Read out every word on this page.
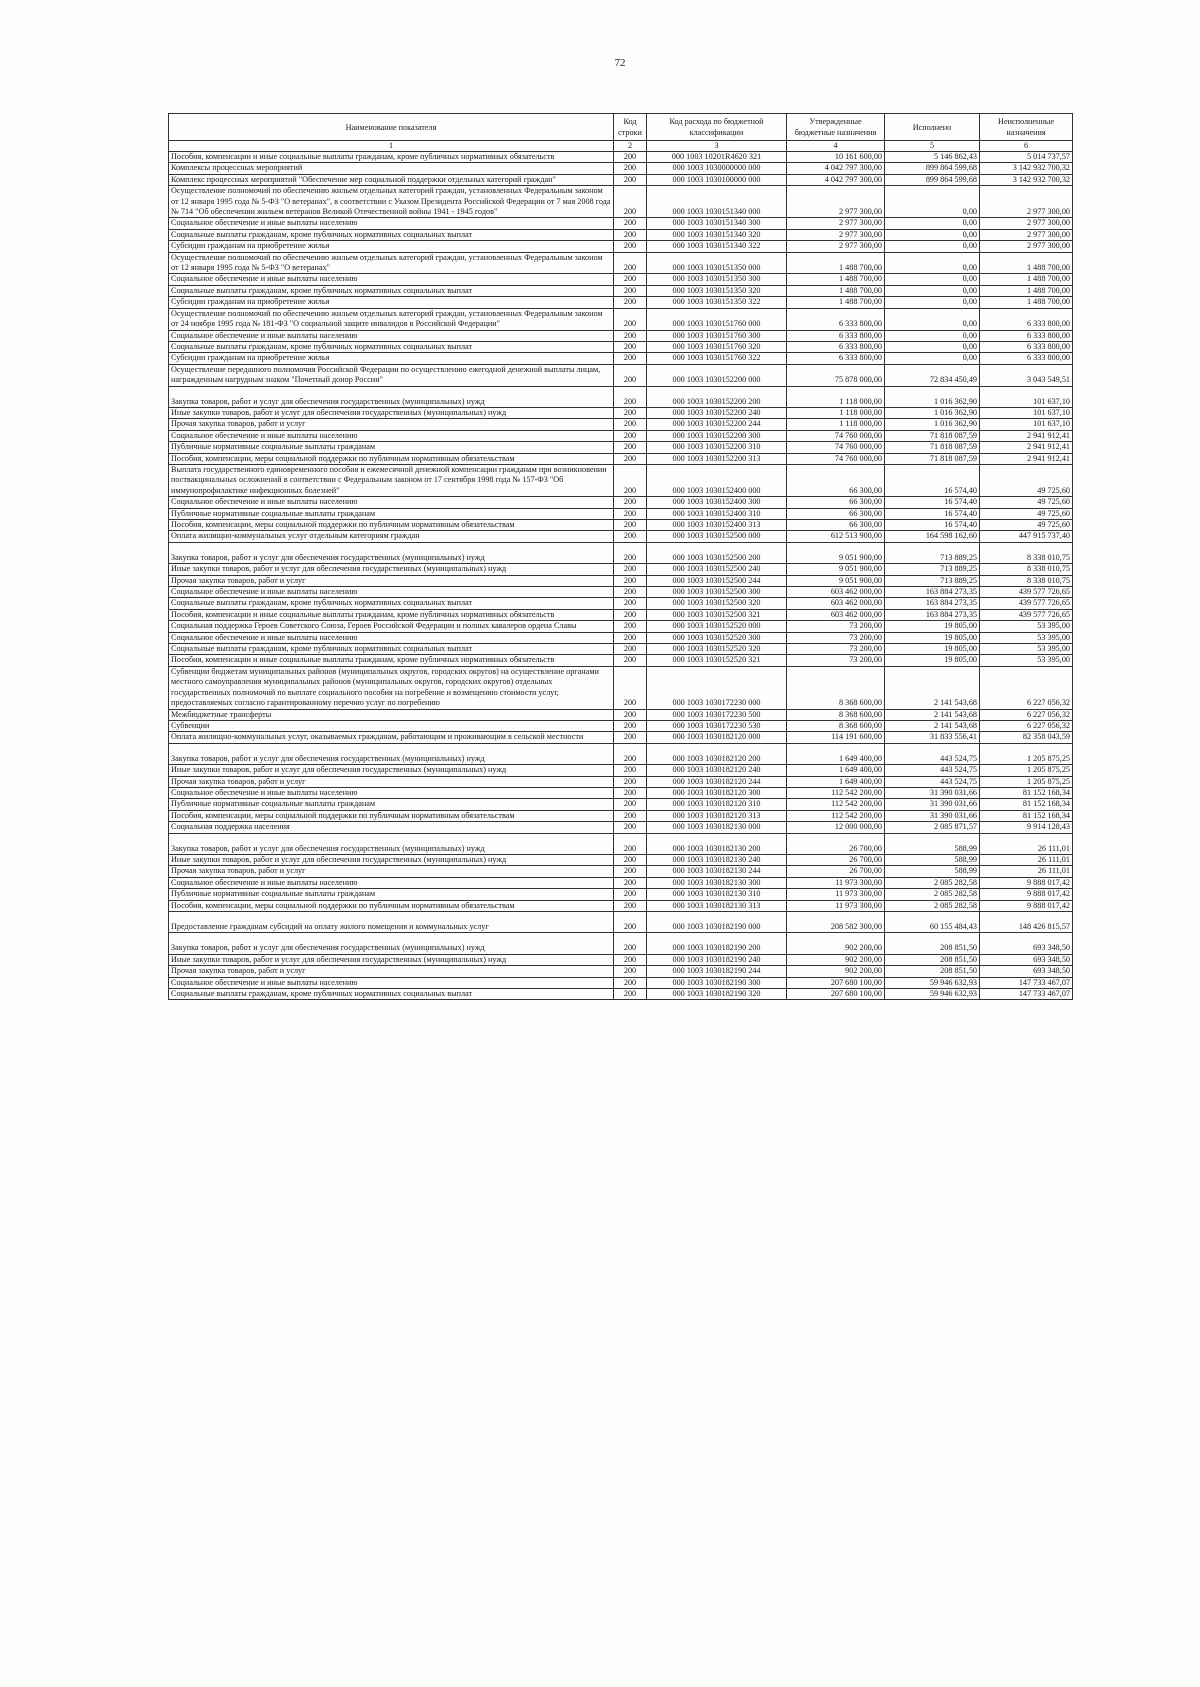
72
Наименование показателя	Код строки	Код расхода по бюджетной классификации	Утвержденные бюджетные назначения	Исполнено	Неисполненные назначения
1	2	3	4	5	6
Пособия, компенсации и иные социальные выплаты гражданам, кроме публичных нормативных обязательств	200	000 1003 10201R4620 321	10 161 600,00	5 146 862,43	5 014 737,57
Комплексы процессных мероприятий	200	000 1003 1030000000 000	4 042 797 300,00	899 864 599,68	3 142 932 700,32
Комплекс процессных мероприятий "Обеспечение мер социальной поддержки отдельных категорий граждан"	200	000 1003 1030100000 000	4 042 797 300,00	899 864 599,68	3 142 932 700,32
Осуществление полномочий по обеспечению жильем отдельных категорий граждан, установленных Федеральным законом от 12 января 1995 года № 5-ФЗ "О ветеранах", в соответствии с Указом Президента Российской Федерации от 7 мая 2008 года № 714 "Об обеспечении жильем ветеранов Великой Отечественной войны 1941 - 1945 годов"	200	000 1003 1030151340 000	2 977 300,00	0,00	2 977 300,00
Социальное обеспечение и иные выплаты населению	200	000 1003 1030151340 300	2 977 300,00	0,00	2 977 300,00
Социальные выплаты гражданам, кроме публичных нормативных социальных выплат	200	000 1003 1030151340 320	2 977 300,00	0,00	2 977 300,00
Субсидии гражданам на приобретение жилья	200	000 1003 1030151340 322	2 977 300,00	0,00	2 977 300,00
Осуществление полномочий по обеспечению жильем отдельных категорий граждан, установленных Федеральным законом от 12 января 1995 года № 5-ФЗ "О ветеранах"	200	000 1003 1030151350 000	1 488 700,00	0,00	1 488 700,00
Социальное обеспечение и иные выплаты населению	200	000 1003 1030151350 300	1 488 700,00	0,00	1 488 700,00
Социальные выплаты гражданам, кроме публичных нормативных социальных выплат	200	000 1003 1030151350 320	1 488 700,00	0,00	1 488 700,00
Субсидии гражданам на приобретение жилья	200	000 1003 1030151350 322	1 488 700,00	0,00	1 488 700,00
Осуществление полномочий по обеспечению жильем отдельных категорий граждан, установленных Федеральным законом от 24 ноября 1995 года № 181-ФЗ "О социальной защите инвалидов в Российской Федерации"	200	000 1003 1030151760 000	6 333 800,00	0,00	6 333 800,00
Социальное обеспечение и иные выплаты населению	200	000 1003 1030151760 300	6 333 800,00	0,00	6 333 800,00
Социальные выплаты гражданам, кроме публичных нормативных социальных выплат	200	000 1003 1030151760 320	6 333 800,00	0,00	6 333 800,00
Субсидии гражданам на приобретение жилья	200	000 1003 1030151760 322	6 333 800,00	0,00	6 333 800,00
Осуществление переданного полномочия Российской Федерации по осуществлению ежегодной денежной выплаты лицам, награжденным нагрудным знаком "Почетный донор России"	200	000 1003 1030152200 000	75 878 000,00	72 834 450,49	3 043 549,51
Закупка товаров, работ и услуг для обеспечения государственных (муниципальных) нужд	200	000 1003 1030152200 200	1 118 000,00	1 016 362,90	101 637,10
Иные закупки товаров, работ и услуг для обеспечения государственных (муниципальных) нужд	200	000 1003 1030152200 240	1 118 000,00	1 016 362,90	101 637,10
Прочая закупка товаров, работ и услуг	200	000 1003 1030152200 244	1 118 000,00	1 016 362,90	101 637,10
Социальное обеспечение и иные выплаты населению	200	000 1003 1030152200 300	74 760 000,00	71 818 087,59	2 941 912,41
Публичные нормативные социальные выплаты гражданам	200	000 1003 1030152200 310	74 760 000,00	71 818 087,59	2 941 912,41
Пособия, компенсации, меры социальной поддержки по публичным нормативным обязательствам	200	000 1003 1030152200 313	74 760 000,00	71 818 087,59	2 941 912,41
Выплата государственного единовременного пособия и ежемесячной денежной компенсации гражданам при возникновении поствакцинальных осложнений в соответствии с Федеральным законом от 17 сентября 1998 года № 157-ФЗ "Об иммунопрофилактике инфекционных болезней"	200	000 1003 1030152400 000	66 300,00	16 574,40	49 725,60
Социальное обеспечение и иные выплаты населению	200	000 1003 1030152400 300	66 300,00	16 574,40	49 725,60
Публичные нормативные социальные выплаты гражданам	200	000 1003 1030152400 310	66 300,00	16 574,40	49 725,60
Пособия, компенсации, меры социальной поддержки по публичным нормативным обязательствам	200	000 1003 1030152400 313	66 300,00	16 574,40	49 725,60
Оплата жилищно-коммунальных услуг отдельным категориям граждан	200	000 1003 1030152500 000	612 513 900,00	164 598 162,60	447 915 737,40
Закупка товаров, работ и услуг для обеспечения государственных (муниципальных) нужд	200	000 1003 1030152500 200	9 051 900,00	713 889,25	8 338 010,75
Иные закупки товаров, работ и услуг для обеспечения государственных (муниципальных) нужд	200	000 1003 1030152500 240	9 051 900,00	713 889,25	8 338 010,75
Прочая закупка товаров, работ и услуг	200	000 1003 1030152500 244	9 051 900,00	713 889,25	8 338 010,75
Социальное обеспечение и иные выплаты населению	200	000 1003 1030152500 300	603 462 000,00	163 884 273,35	439 577 726,65
Социальные выплаты гражданам, кроме публичных нормативных социальных выплат	200	000 1003 1030152500 320	603 462 000,00	163 884 273,35	439 577 726,65
Пособия, компенсации и иные социальные выплаты гражданам, кроме публичных нормативных обязательств	200	000 1003 1030152500 321	603 462 000,00	163 884 273,35	439 577 726,65
Социальная поддержка Героев Советского Союза, Героев Российской Федерации и полных кавалеров ордена Славы	200	000 1003 1030152520 000	73 200,00	19 805,00	53 395,00
Социальное обеспечение и иные выплаты населению	200	000 1003 1030152520 300	73 200,00	19 805,00	53 395,00
Социальные выплаты гражданам, кроме публичных нормативных социальных выплат	200	000 1003 1030152520 320	73 200,00	19 805,00	53 395,00
Пособия, компенсации и иные социальные выплаты гражданам, кроме публичных нормативных обязательств	200	000 1003 1030152520 321	73 200,00	19 805,00	53 395,00
Субвенции бюджетам муниципальных районов (муниципальных округов, городских округов) на осуществление органами местного самоуправления муниципальных районов (муниципальных округов, городских округов) отдельных государственных полномочий по выплате социального пособия на погребение и возмещению стоимости услуг, предоставляемых согласно гарантированному перечню услуг по погребению	200	000 1003 1030172230 000	8 368 600,00	2 141 543,68	6 227 056,32
Межбюджетные трансферты	200	000 1003 1030172230 500	8 368 600,00	2 141 543,68	6 227 056,32
Субвенции	200	000 1003 1030172230 530	8 368 600,00	2 141 543,68	6 227 056,32
Оплата жилищно-коммунальных услуг, оказываемых гражданам, работающим и проживающим в сельской местности	200	000 1003 1030182120 000	114 191 600,00	31 833 556,41	82 358 043,59
Закупка товаров, работ и услуг для обеспечения государственных (муниципальных) нужд	200	000 1003 1030182120 200	1 649 400,00	443 524,75	1 205 875,25
Иные закупки товаров, работ и услуг для обеспечения государственных (муниципальных) нужд	200	000 1003 1030182120 240	1 649 400,00	443 524,75	1 205 875,25
Прочая закупка товаров, работ и услуг	200	000 1003 1030182120 244	1 649 400,00	443 524,75	1 205 875,25
Социальное обеспечение и иные выплаты населению	200	000 1003 1030182120 300	112 542 200,00	31 390 031,66	81 152 168,34
Публичные нормативные социальные выплаты гражданам	200	000 1003 1030182120 310	112 542 200,00	31 390 031,66	81 152 168,34
Пособия, компенсации, меры социальной поддержки по публичным нормативным обязательствам	200	000 1003 1030182120 313	112 542 200,00	31 390 031,66	81 152 168,34
Социальная поддержка населения	200	000 1003 1030182130 000	12 000 000,00	2 085 871,57	9 914 128,43
Закупка товаров, работ и услуг для обеспечения государственных (муниципальных) нужд	200	000 1003 1030182130 200	26 700,00	588,99	26 111,01
Иные закупки товаров, работ и услуг для обеспечения государственных (муниципальных) нужд	200	000 1003 1030182130 240	26 700,00	588,99	26 111,01
Прочая закупка товаров, работ и услуг	200	000 1003 1030182130 244	26 700,00	588,99	26 111,01
Социальное обеспечение и иные выплаты населению	200	000 1003 1030182130 300	11 973 300,00	2 085 282,58	9 888 017,42
Публичные нормативные социальные выплаты гражданам	200	000 1003 1030182130 310	11 973 300,00	2 085 282,58	9 888 017,42
Пособия, компенсации, меры социальной поддержки по публичным нормативным обязательствам	200	000 1003 1030182130 313	11 973 300,00	2 085 282,58	9 888 017,42
Предоставление гражданам субсидий на оплату жилого помещения и коммунальных услуг	200	000 1003 1030182190 000	208 582 300,00	60 155 484,43	148 426 815,57
Закупка товаров, работ и услуг для обеспечения государственных (муниципальных) нужд	200	000 1003 1030182190 200	902 200,00	208 851,50	693 348,50
Иные закупки товаров, работ и услуг для обеспечения государственных (муниципальных) нужд	200	000 1003 1030182190 240	902 200,00	208 851,50	693 348,50
Прочая закупка товаров, работ и услуг	200	000 1003 1030182190 244	902 200,00	208 851,50	693 348,50
Социальное обеспечение и иные выплаты населению	200	000 1003 1030182190 300	207 680 100,00	59 946 632,93	147 733 467,07
Социальные выплаты гражданам, кроме публичных нормативных социальных выплат	200	000 1003 1030182190 320	207 680 100,00	59 946 632,93	147 733 467,07
